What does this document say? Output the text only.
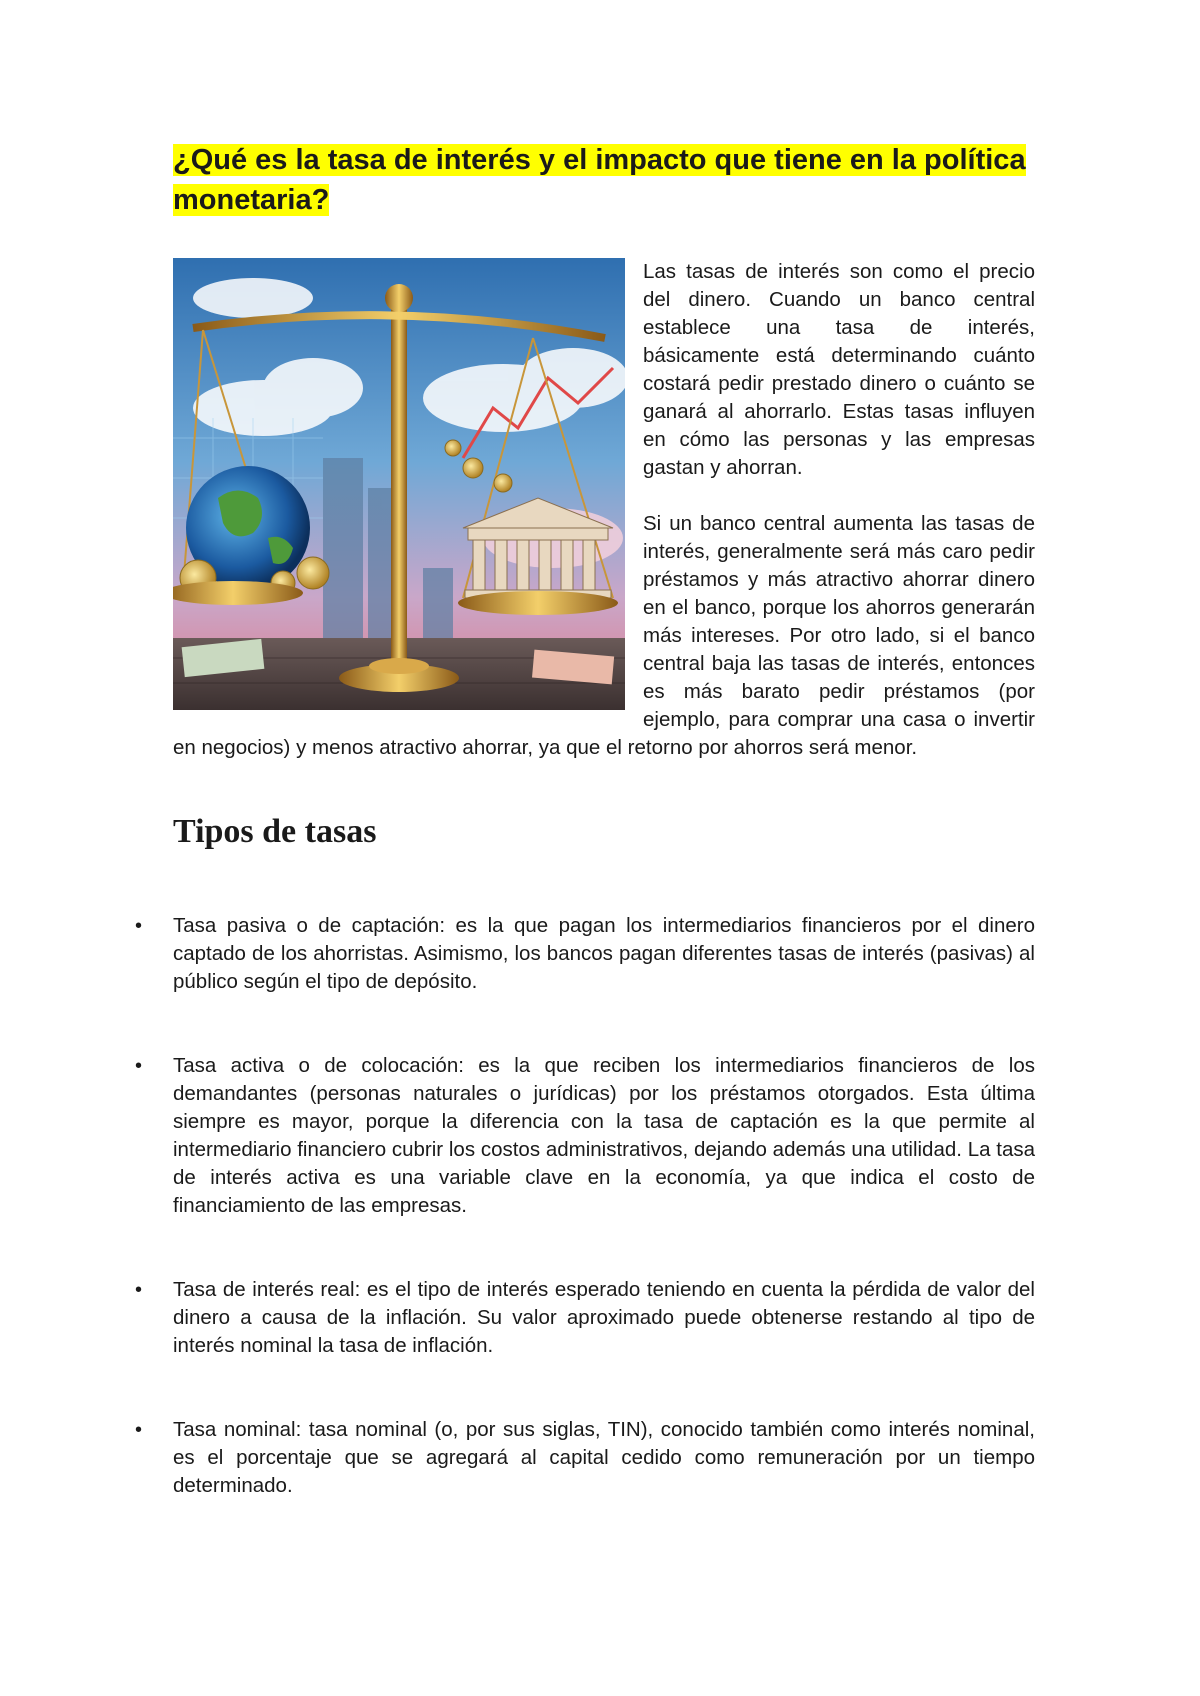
¿Qué es la tasa de interés y el impacto que tiene en la política monetaria?

Las tasas de interés son como el precio del dinero. Cuando un banco central establece una tasa de interés, básicamente está determinando cuánto costará pedir prestado dinero o cuánto se ganará al ahorrarlo. Estas tasas influyen en cómo las personas y las empresas gastan y ahorran.

Si un banco central aumenta las tasas de interés, generalmente será más caro pedir préstamos y más atractivo ahorrar dinero en el banco, porque los ahorros generarán más intereses. Por otro lado, si el banco central baja las tasas de interés, entonces es más barato pedir préstamos (por ejemplo, para comprar una casa o invertir en negocios) y menos atractivo ahorrar, ya que el retorno por ahorros será menor.

Tipos de tasas
• Tasa pasiva o de captación: es la que pagan los intermediarios financieros por el dinero captado de los ahorristas. Asimismo, los bancos pagan diferentes tasas de interés (pasivas) al público según el tipo de depósito.
• Tasa activa o de colocación: es la que reciben los intermediarios financieros de los demandantes (personas naturales o jurídicas) por los préstamos otorgados. Esta última siempre es mayor, porque la diferencia con la tasa de captación es la que permite al intermediario financiero cubrir los costos administrativos, dejando además una utilidad. La tasa de interés activa es una variable clave en la economía, ya que indica el costo de financiamiento de las empresas.
• Tasa de interés real: es el tipo de interés esperado teniendo en cuenta la pérdida de valor del dinero a causa de la inflación. Su valor aproximado puede obtenerse restando al tipo de interés nominal la tasa de inflación.
• Tasa nominal: tasa nominal (o, por sus siglas, TIN), conocido también como interés nominal, es el porcentaje que se agregará al capital cedido como remuneración por un tiempo determinado.
